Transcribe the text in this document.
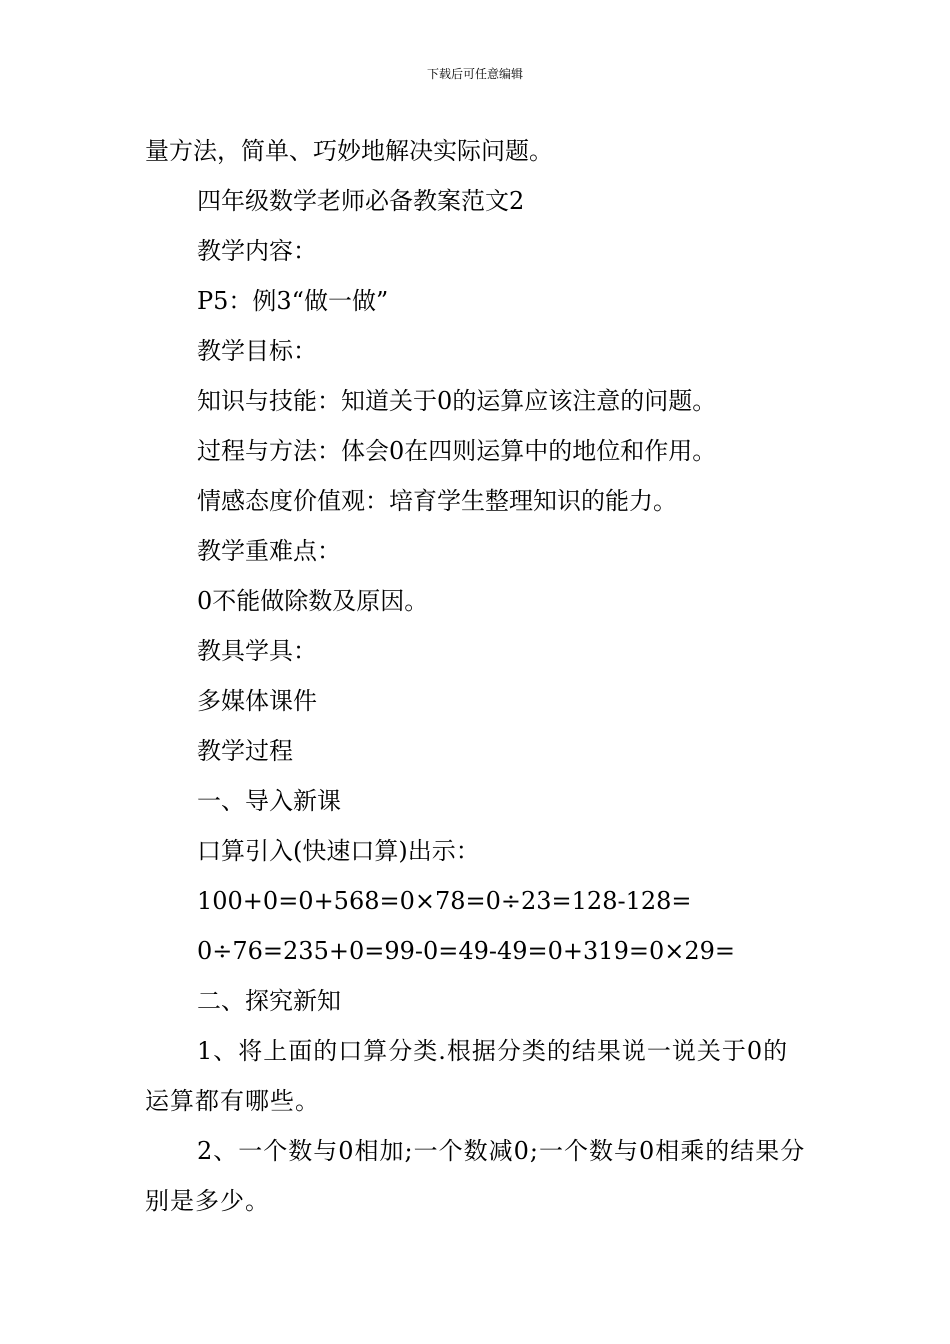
下载后可任意编辑

量方法，简单、巧妙地解决实际问题。

四年级数学老师必备教案范文2

教学内容：

P5：例3“做一做”

教学目标：

知识与技能：知道关于0的运算应该注意的问题。

过程与方法：体会0在四则运算中的地位和作用。

情感态度价值观：培育学生整理知识的能力。

教学重难点：

0不能做除数及原因。

教具学具：

多媒体课件

教学过程

一、导入新课

口算引入(快速口算)出示：

100+0=0+568=0×78=0÷23=128-128=

0÷76=235+0=99-0=49-49=0+319=0×29=

二、探究新知

1、将上面的口算分类.根据分类的结果说一说关于0的运算都有哪些。

2、一个数与0相加;一个数减0;一个数与0相乘的结果分别是多少。
